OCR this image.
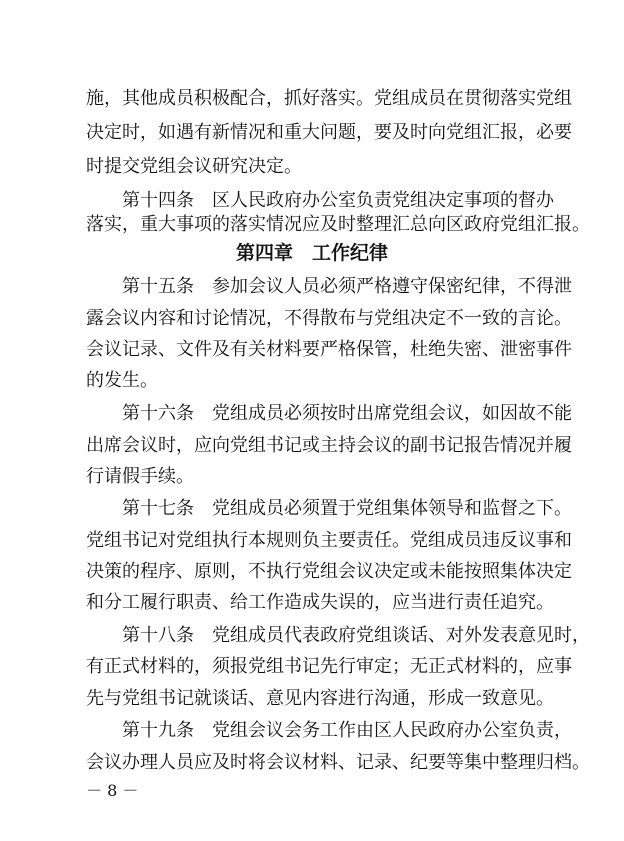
施，其他成员积极配合，抓好落实。党组成员在贯彻落实党组
决定时，如遇有新情况和重大问题，要及时向党组汇报，必要
时提交党组会议研究决定。
第十四条　区人民政府办公室负责党组决定事项的督办
落实，重大事项的落实情况应及时整理汇总向区政府党组汇报。
第四章　工作纪律
第十五条　参加会议人员必须严格遵守保密纪律，不得泄
露会议内容和讨论情况，不得散布与党组决定不一致的言论。
会议记录、文件及有关材料要严格保管，杜绝失密、泄密事件
的发生。
第十六条　党组成员必须按时出席党组会议，如因故不能
出席会议时，应向党组书记或主持会议的副书记报告情况并履
行请假手续。
第十七条　党组成员必须置于党组集体领导和监督之下。
党组书记对党组执行本规则负主要责任。党组成员违反议事和
决策的程序、原则，不执行党组会议决定或未能按照集体决定
和分工履行职责、给工作造成失误的，应当进行责任追究。
第十八条　党组成员代表政府党组谈话、对外发表意见时，
有正式材料的，须报党组书记先行审定；无正式材料的，应事
先与党组书记就谈话、意见内容进行沟通，形成一致意见。
第十九条　党组会议会务工作由区人民政府办公室负责，
会议办理人员应及时将会议材料、记录、纪要等集中整理归档。
－ 8 －
